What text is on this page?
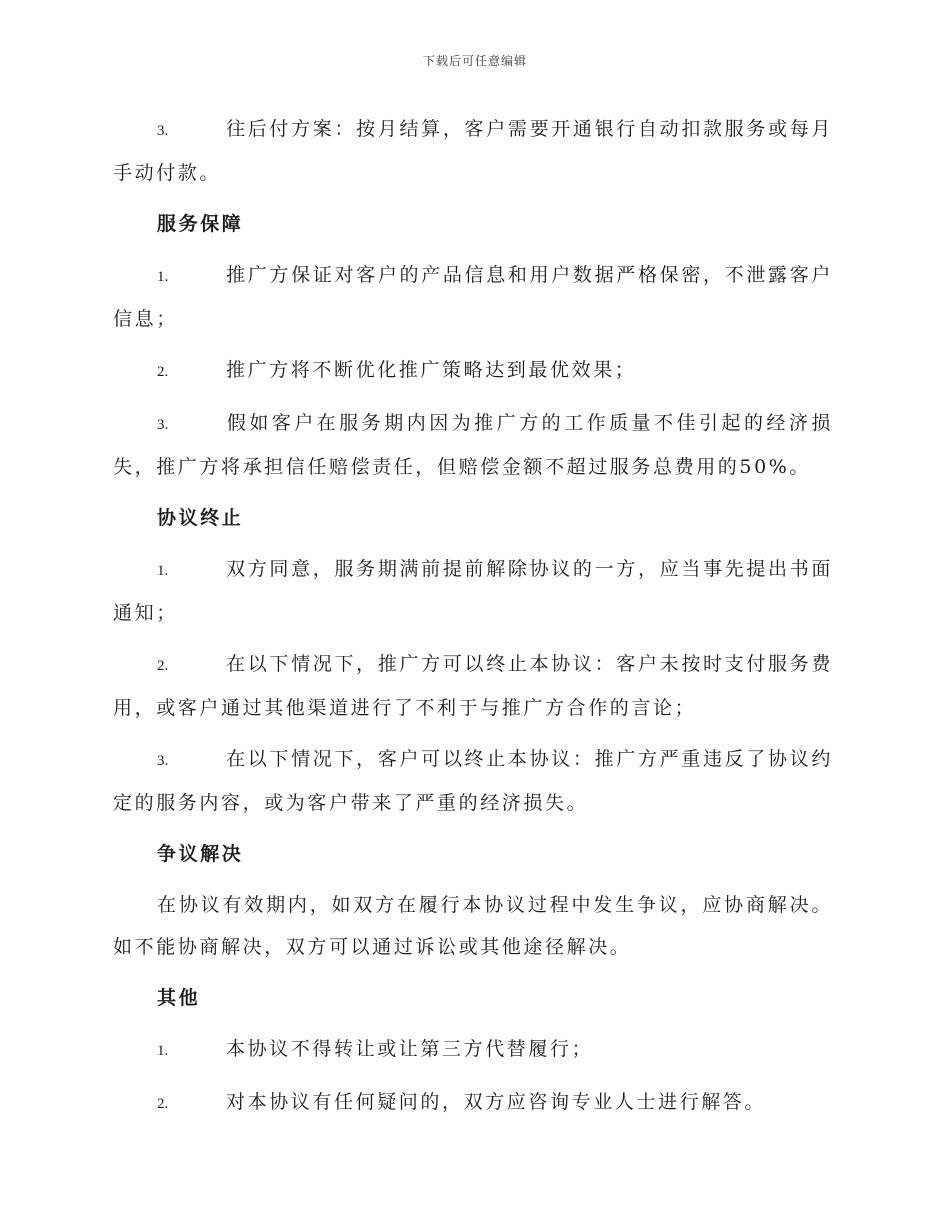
下载后可任意编辑
3.	往后付方案：按月结算，客户需要开通银行自动扣款服务或每月手动付款。
服务保障
1.	推广方保证对客户的产品信息和用户数据严格保密，不泄露客户信息；
2.	推广方将不断优化推广策略达到最优效果；
3.	假如客户在服务期内因为推广方的工作质量不佳引起的经济损失，推广方将承担信任赔偿责任，但赔偿金额不超过服务总费用的50%。
协议终止
1.	双方同意，服务期满前提前解除协议的一方，应当事先提出书面通知；
2.	在以下情况下，推广方可以终止本协议：客户未按时支付服务费用，或客户通过其他渠道进行了不利于与推广方合作的言论；
3.	在以下情况下，客户可以终止本协议：推广方严重违反了协议约定的服务内容，或为客户带来了严重的经济损失。
争议解决
在协议有效期内，如双方在履行本协议过程中发生争议，应协商解决。如不能协商解决，双方可以通过诉讼或其他途径解决。
其他
1.	本协议不得转让或让第三方代替履行；
2.	对本协议有任何疑问的，双方应咨询专业人士进行解答。
